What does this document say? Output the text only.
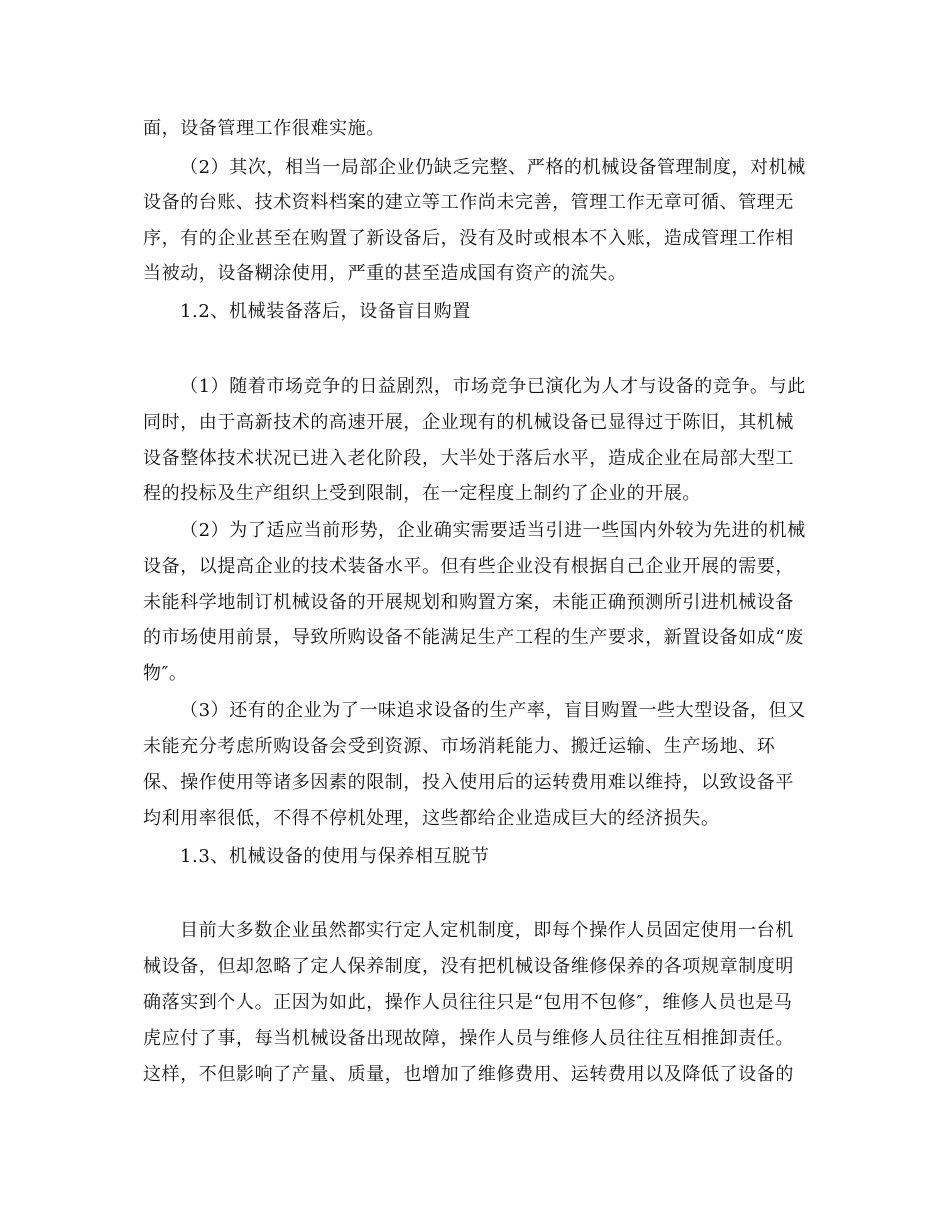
面，设备管理工作很难实施。
（2）其次，相当一局部企业仍缺乏完整、严格的机械设备管理制度，对机械
设备的台账、技术资料档案的建立等工作尚未完善，管理工作无章可循、管理无
序，有的企业甚至在购置了新设备后，没有及时或根本不入账，造成管理工作相
当被动，设备糊涂使用，严重的甚至造成国有资产的流失。
1.2、机械装备落后，设备盲目购置
（1）随着市场竞争的日益剧烈，市场竞争已演化为人才与设备的竞争。与此
同时，由于高新技术的高速开展，企业现有的机械设备已显得过于陈旧，其机械
设备整体技术状况已进入老化阶段，大半处于落后水平，造成企业在局部大型工
程的投标及生产组织上受到限制，在一定程度上制约了企业的开展。
（2）为了适应当前形势，企业确实需要适当引进一些国内外较为先进的机械
设备，以提高企业的技术装备水平。但有些企业没有根据自己企业开展的需要，
未能科学地制订机械设备的开展规划和购置方案，未能正确预测所引进机械设备
的市场使用前景，导致所购设备不能满足生产工程的生产要求，新置设备如成“废
物″。
（3）还有的企业为了一味追求设备的生产率，盲目购置一些大型设备，但又
未能充分考虑所购设备会受到资源、市场消耗能力、搬迁运输、生产场地、环
保、操作使用等诸多因素的限制，投入使用后的运转费用难以维持，以致设备平
均利用率很低，不得不停机处理，这些都给企业造成巨大的经济损失。
1.3、机械设备的使用与保养相互脱节
目前大多数企业虽然都实行定人定机制度，即每个操作人员固定使用一台机
械设备，但却忽略了定人保养制度，没有把机械设备维修保养的各项规章制度明
确落实到个人。正因为如此，操作人员往往只是“包用不包修″，维修人员也是马
虎应付了事，每当机械设备出现故障，操作人员与维修人员往往互相推卸责任。
这样，不但影响了产量、质量，也增加了维修费用、运转费用以及降低了设备的
